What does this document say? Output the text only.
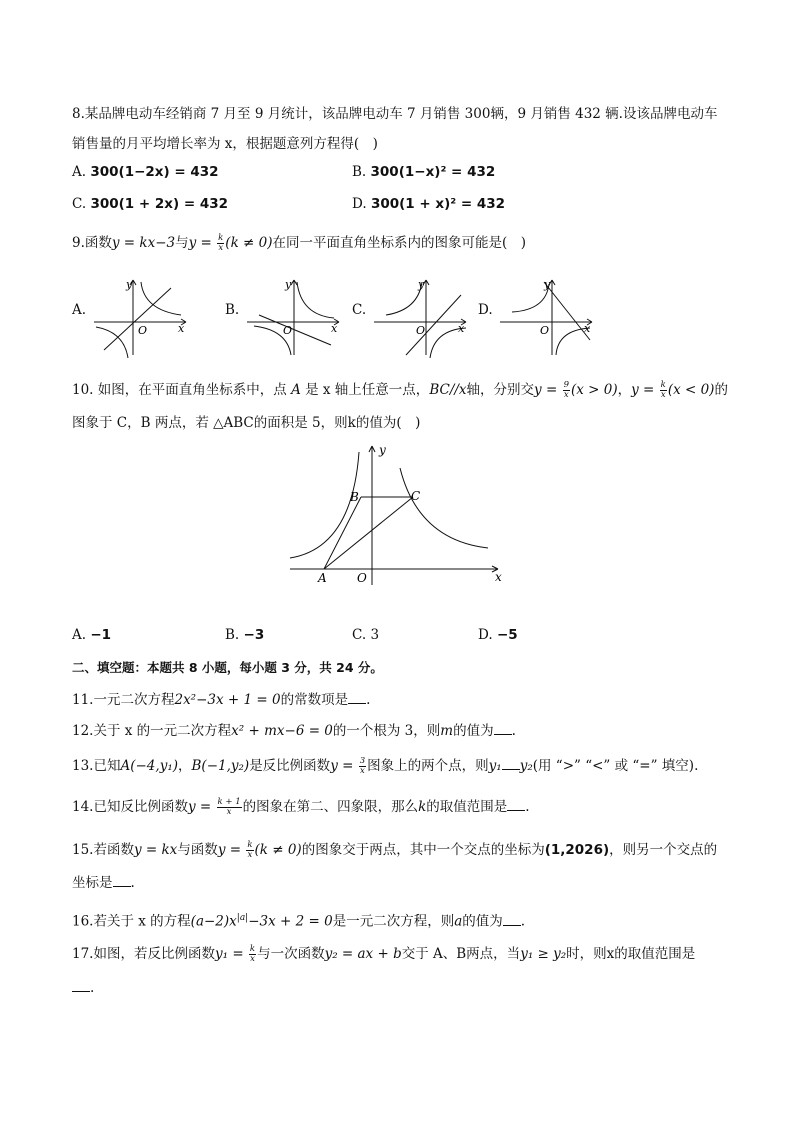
8.某品牌电动车经销商 7 月至 9 月统计，该品牌电动车 7 月销售 300辆，9 月销售 432 辆.设该品牌电动车
销售量的月平均增长率为 x，根据题意列方程得(　)
A. 300(1−2x) = 432	B. 300(1−x)² = 432
C. 300(1 + 2x) = 432	D. 300(1 + x)² = 432
9.函数y = kx−3与$y = \frac{k}{x} (k \ne 0)$在同一平面直角坐标系内的图象可能是(　)
A.
y
O	x
B.
y
O	x
C.
y
O	x
D.
y
O	x
10. 如图，在平面直角坐标系中，点 A 是 x 轴上任意一点，BC//x轴，分别交$y = \frac{9}{x} (x > 0)$，$y = \frac{k}{x} (x < 0)$的
图象于 C，B 两点，若 △ABC的面积是 5，则k的值为(　)
B	C
A	O	x
y
A. −1	B. −3	C. 3	D. −5
二、填空题：本题共 8 小题，每小题 3 分，共 24 分。
11.一元二次方程2x²−3x + 1 = 0的常数项是 .
12.关于 x 的一元二次方程x² + mx−6 = 0的一个根为 3，则m的值为 .
13.已知A(−4,y₁)，B(−1,y₂)是反比例函数$y = \frac{3}{x}$ 图象上的两个点，则y₁ y₂(用 “>” “<” 或 “=” 填空).
14.已知反比例函数$y = \frac{k + 1}{x}$ 的图象在第二、四象限，那么k的取值范围是 .
15.若函数y = kx与函数$y = \frac{k}{x} (k \ne 0)$的图象交于两点，其中一个交点的坐标为(1,2026)，则另一个交点的
坐标是 .
16.若关于 x 的方程$(a-2)x^{|a|}-3x + 2 = 0$是一元二次方程，则a的值为 .
17.如图，若反比例函数$y_1 = \frac{k}{x}$ 与一次函数y₂ = ax + b交于 A、B两点，当y₁ ≥ y₂时，则x的取值范围是
.
